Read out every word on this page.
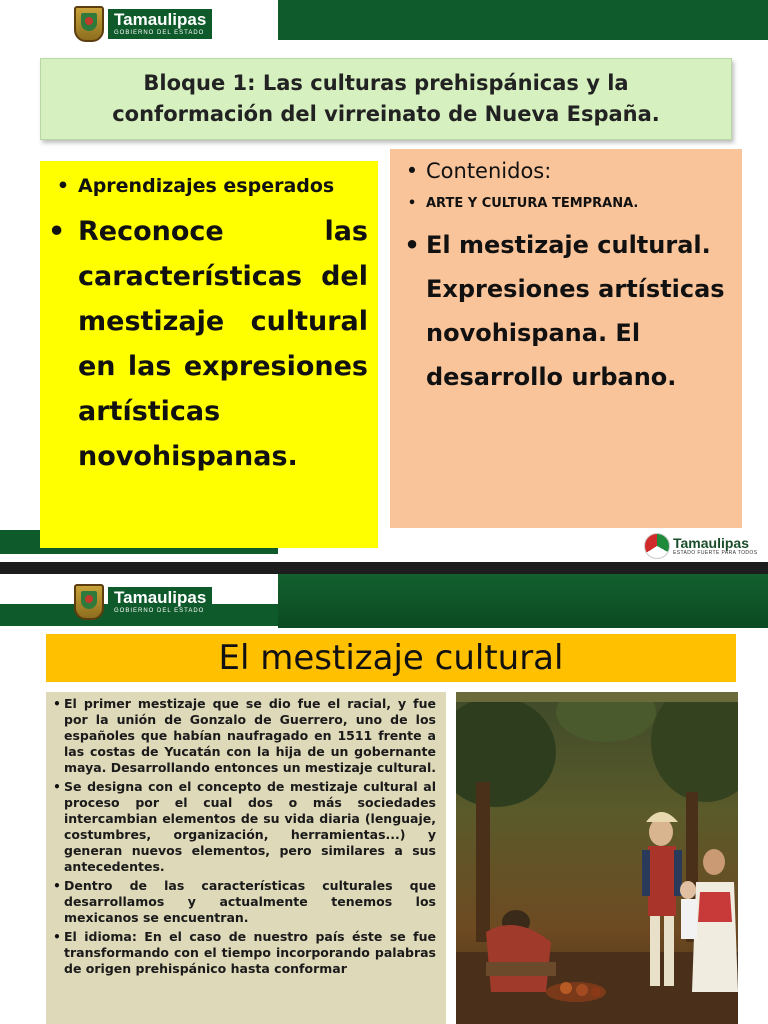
Tamaulipas
GOBIERNO DEL ESTADO
Bloque 1: Las culturas prehispánicas y la
conformación del virreinato de Nueva España.
• Aprendizajes esperados
• Reconoce las características del mestizaje cultural en las expresiones artísticas novohispanas.
• Contenidos:
• ARTE Y CULTURA TEMPRANA.
• El mestizaje cultural. Expresiones artísticas novohispana. El desarrollo urbano.
Tamaulipas
ESTADO FUERTE PARA TODOS
Tamaulipas
GOBIERNO DEL ESTADO
El mestizaje cultural
• El primer mestizaje que se dio fue el racial, y fue por la unión de Gonzalo de Guerrero, uno de los españoles que habían naufragado en 1511 frente a las costas de Yucatán con la hija de un gobernante maya. Desarrollando entonces un mestizaje cultural.
• Se designa con el concepto de mestizaje cultural al proceso por el cual dos o más sociedades intercambian elementos de su vida diaria (lenguaje, costumbres, organización, herramientas...) y generan nuevos elementos, pero similares a sus antecedentes.
• Dentro de las características culturales que desarrollamos y actualmente tenemos los mexicanos se encuentran.
• El idioma: En el caso de nuestro país éste se fue transformando con el tiempo incorporando palabras de origen prehispánico hasta conformar
